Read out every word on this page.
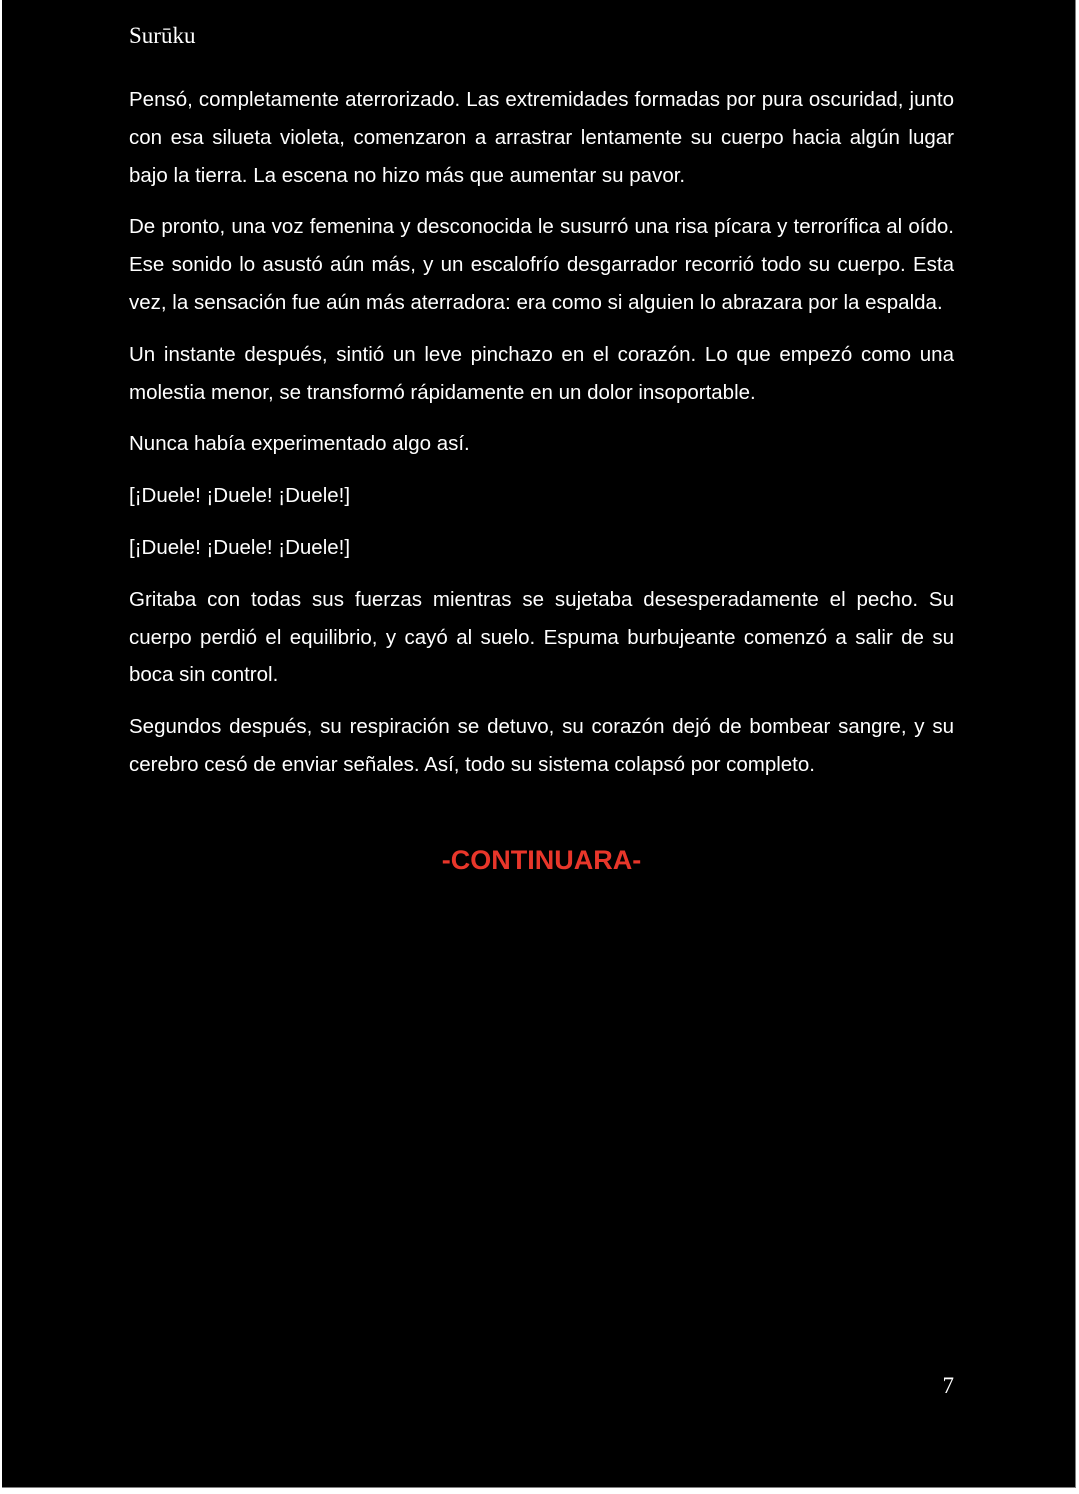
Surūku

Pensó, completamente aterrorizado. Las extremidades formadas por pura oscuridad, junto con esa silueta violeta, comenzaron a arrastrar lentamente su cuerpo hacia algún lugar bajo la tierra. La escena no hizo más que aumentar su pavor.

De pronto, una voz femenina y desconocida le susurró una risa pícara y terrorífica al oído. Ese sonido lo asustó aún más, y un escalofrío desgarrador recorrió todo su cuerpo. Esta vez, la sensación fue aún más aterradora: era como si alguien lo abrazara por la espalda.

Un instante después, sintió un leve pinchazo en el corazón. Lo que empezó como una molestia menor, se transformó rápidamente en un dolor insoportable.

Nunca había experimentado algo así.

[¡Duele! ¡Duele! ¡Duele!]

[¡Duele! ¡Duele! ¡Duele!]

Gritaba con todas sus fuerzas mientras se sujetaba desesperadamente el pecho. Su cuerpo perdió el equilibrio, y cayó al suelo. Espuma burbujeante comenzó a salir de su boca sin control.

Segundos después, su respiración se detuvo, su corazón dejó de bombear sangre, y su cerebro cesó de enviar señales. Así, todo su sistema colapsó por completo.

-CONTINUARA-
7
